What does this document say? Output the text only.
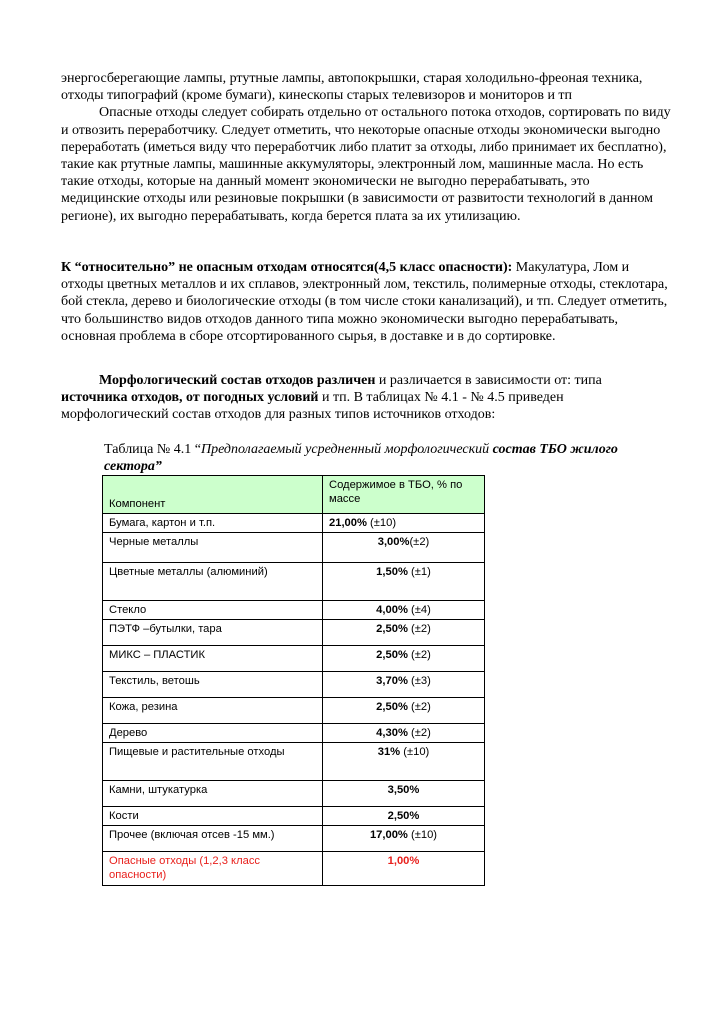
энергосберегающие лампы, ртутные лампы, автопокрышки, старая холодильно-фреоная техника, отходы типографий (кроме бумаги), кинескопы старых телевизоров и мониторов и тп

Опасные отходы следует собирать отдельно от остального потока отходов, сортировать по виду и отвозить переработчику. Следует отметить, что некоторые опасные отходы экономически выгодно переработать (иметься виду что переработчик либо платит за отходы, либо принимает их бесплатно), такие как ртутные лампы, машинные аккумуляторы, электронный лом, машинные масла. Но есть такие отходы, которые на данный момент экономически не выгодно перерабатывать, это медицинские отходы или резиновые покрышки (в зависимости от развитости технологий в данном регионе), их выгодно перерабатывать, когда берется плата за их утилизацию.

К “относительно” не опасным отходам относятся(4,5 класс опасности): Макулатура, Лом и отходы цветных металлов и их сплавов, электронный лом, текстиль, полимерные отходы, стеклотара, бой стекла, дерево и биологические отходы (в том числе стоки канализаций), и тп. Следует отметить, что большинство видов отходов данного типа можно экономически выгодно перерабатывать, основная проблема в сборе отсортированного сырья, в доставке и в до сортировке.

Морфологический состав отходов различен и различается в зависимости от: типа источника отходов, от погодных условий и тп. В таблицах № 4.1 - № 4.5 приведен морфологический состав отходов для разных типов источников отходов:

Таблица № 4.1 “Предполагаемый усредненный морфологический состав ТБО жилого сектора”
Компонент	Содержимое в ТБО, % по массе
Бумага, картон и т.п.	21,00% (±10)
Черные металлы	3,00%(±2)
Цветные металлы (алюминий)	1,50% (±1)
Стекло	4,00% (±4)
ПЭТФ –бутылки, тара	2,50% (±2)
МИКС – ПЛАСТИК	2,50% (±2)
Текстиль, ветошь	3,70% (±3)
Кожа, резина	2,50% (±2)
Дерево	4,30% (±2)
Пищевые и растительные отходы	31% (±10)
Камни, штукатурка	3,50%
Кости	2,50%
Прочее (включая отсев -15 мм.)	17,00% (±10)
Опасные отходы (1,2,3 класс опасности)	1,00%
